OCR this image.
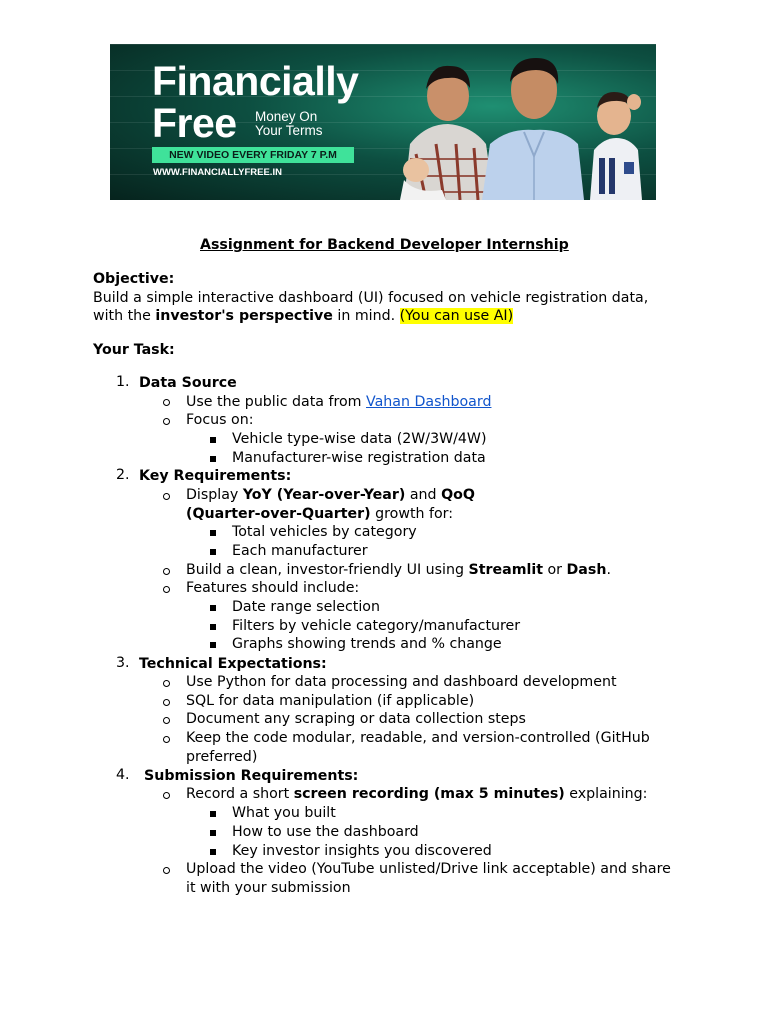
Financially
Free	Money On
Your Terms
NEW VIDEO EVERY FRIDAY 7 P.M
WWW.FINANCIALLYFREE.IN
Assignment for Backend Developer Internship
Objective:
Build a simple interactive dashboard (UI) focused on vehicle registration data,
with the investor's perspective in mind. (You can use AI)
Your Task:
1. Data Source
Use the public data from Vahan Dashboard
Focus on:
Vehicle type-wise data (2W/3W/4W)
Manufacturer-wise registration data
2. Key Requirements:
Display YoY (Year-over-Year) and QoQ
(Quarter-over-Quarter) growth for:
Total vehicles by category
Each manufacturer
Build a clean, investor-friendly UI using Streamlit or Dash.
Features should include:
Date range selection
Filters by vehicle category/manufacturer
Graphs showing trends and % change
3. Technical Expectations:
Use Python for data processing and dashboard development
SQL for data manipulation (if applicable)
Document any scraping or data collection steps
Keep the code modular, readable, and version-controlled (GitHub
preferred)
4. Submission Requirements:
Record a short screen recording (max 5 minutes) explaining:
What you built
How to use the dashboard
Key investor insights you discovered
Upload the video (YouTube unlisted/Drive link acceptable) and share
it with your submission
